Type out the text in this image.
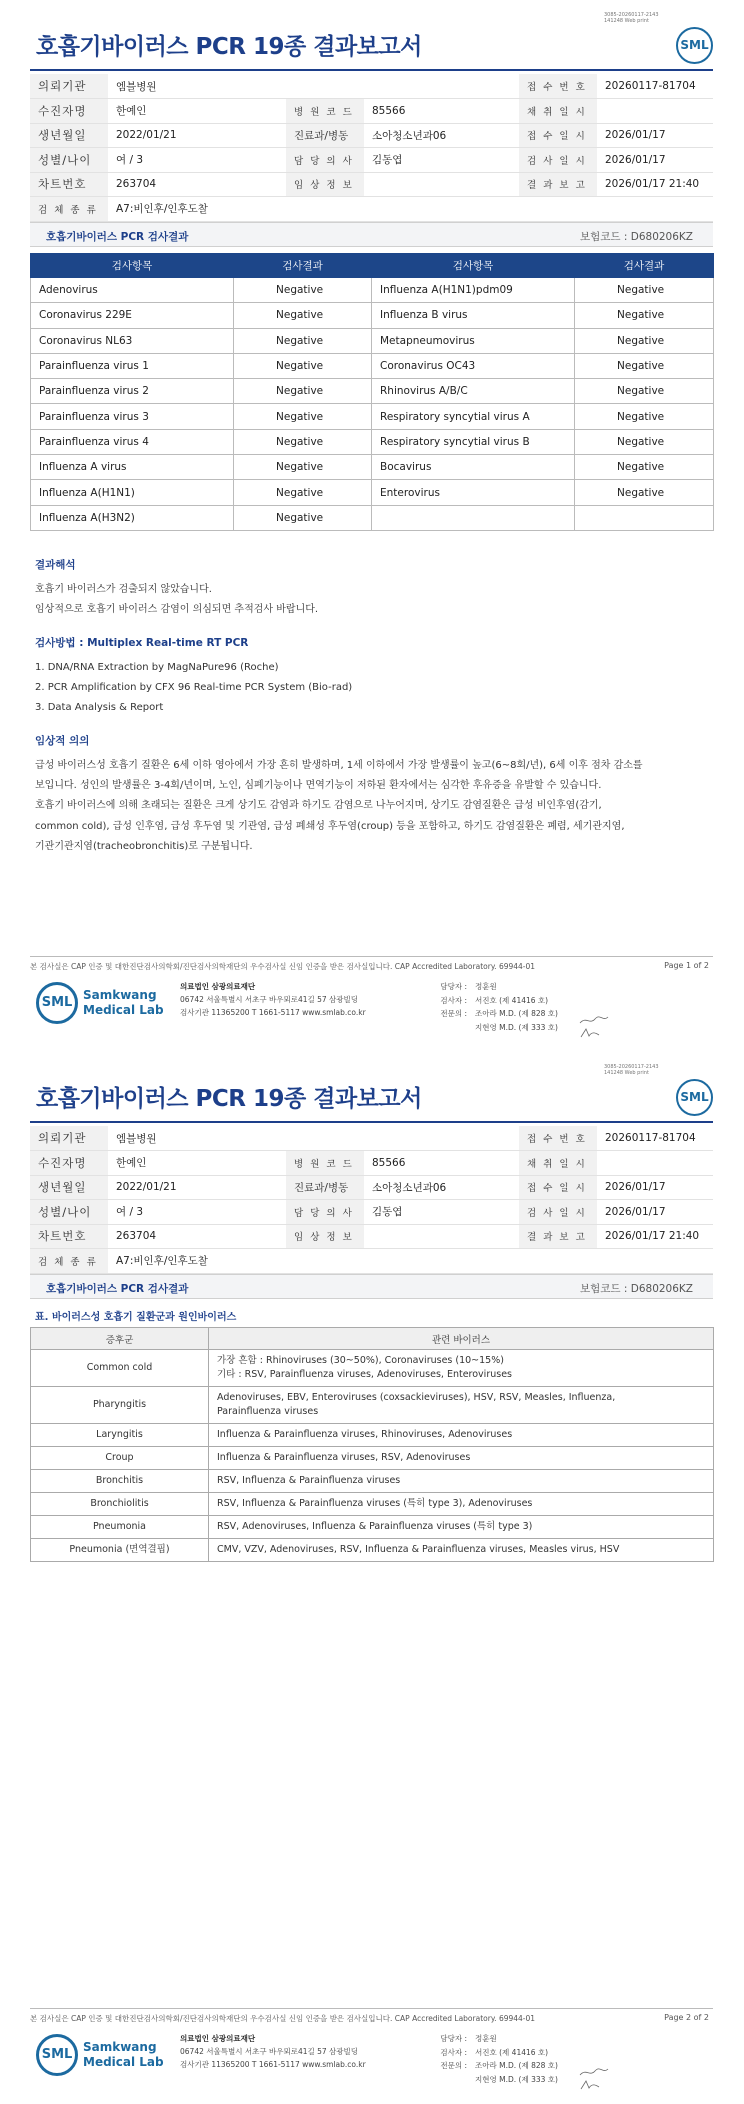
3085-20260117-2143
141248 Web print
호흡기바이러스 PCR 19종 결과보고서	SML
의뢰기관	엠블병원			접 수 번 호	20260117-81704
수진자명	한예인	병 원 코 드	85566	채 취 일 시	
생년월일	2022/01/21	진료과/병동	소아청소년과06	접 수 일 시	2026/01/17
성별/나이	여 / 3	담 당 의 사	김동엽	검 사 일 시	2026/01/17
차트번호	263704	임 상 정 보		결 과 보 고	2026/01/17 21:40
검 체 종 류	A7:비인후/인후도찰				
호흡기바이러스 PCR 검사결과	보험코드 : D680206KZ
검사항목	검사결과	검사항목	검사결과
Adenovirus	Negative	Influenza A(H1N1)pdm09	Negative
Coronavirus 229E	Negative	Influenza B virus	Negative
Coronavirus NL63	Negative	Metapneumovirus	Negative
Parainfluenza virus 1	Negative	Coronavirus OC43	Negative
Parainfluenza virus 2	Negative	Rhinovirus A/B/C	Negative
Parainfluenza virus 3	Negative	Respiratory syncytial virus A	Negative
Parainfluenza virus 4	Negative	Respiratory syncytial virus B	Negative
Influenza A virus	Negative	Bocavirus	Negative
Influenza A(H1N1)	Negative	Enterovirus	Negative
Influenza A(H3N2)	Negative		
결과해석
호흡기 바이러스가 검출되지 않았습니다.
임상적으로 호흡기 바이러스 감염이 의심되면 추적검사 바랍니다.
검사방법 : Multiplex Real-time RT PCR
1. DNA/RNA Extraction by MagNaPure96 (Roche)
2. PCR Amplification by CFX 96 Real-time PCR System (Bio-rad)
3. Data Analysis & Report
임상적 의의
급성 바이러스성 호흡기 질환은 6세 이하 영아에서 가장 흔히 발생하며, 1세 이하에서 가장 발생률이 높고(6~8회/년), 6세 이후 점차 감소를
보입니다. 성인의 발생률은 3-4회/년이며, 노인, 심폐기능이나 면역기능이 저하된 환자에서는 심각한 후유증을 유발할 수 있습니다.
호흡기 바이러스에 의해 초래되는 질환은 크게 상기도 감염과 하기도 감염으로 나누어지며, 상기도 감염질환은 급성 비인후염(감기,
common cold), 급성 인후염, 급성 후두염 및 기관염, 급성 폐쇄성 후두염(croup) 등을 포함하고, 하기도 감염질환은 폐렴, 세기관지염,
기관기관지염(tracheobronchitis)로 구분됩니다.
본 검사실은 CAP 인증 및 대한진단검사의학회/진단검사의학재단의 우수검사실 신임 인증을 받은 검사실입니다. CAP Accredited Laboratory. 69944-01	Page 1 of 2
SML Samkwang
Medical Lab
의료법인 삼광의료재단
06742 서울특별시 서초구 바우뫼로41길 57 삼광빌딩
검사기관 11365200 T 1661-5117 www.smlab.co.kr
담당자 : 정훈원
검사자 : 서진호 (제 41416 호)
전문의 : 조아라 M.D. (제 828 호)
지현영 M.D. (제 333 호)
3085-20260117-2143
141248 Web print
호흡기바이러스 PCR 19종 결과보고서	SML
의뢰기관	엠블병원			접 수 번 호	20260117-81704
수진자명	한예인	병 원 코 드	85566	채 취 일 시	
생년월일	2022/01/21	진료과/병동	소아청소년과06	접 수 일 시	2026/01/17
성별/나이	여 / 3	담 당 의 사	김동엽	검 사 일 시	2026/01/17
차트번호	263704	임 상 정 보		결 과 보 고	2026/01/17 21:40
검 체 종 류	A7:비인후/인후도찰				
호흡기바이러스 PCR 검사결과	보험코드 : D680206KZ
표. 바이러스성 호흡기 질환군과 원인바이러스
증후군	관련 바이러스
Common cold	가장 흔함 : Rhinoviruses (30~50%), Coronaviruses (10~15%)
기타 : RSV, Parainfluenza viruses, Adenoviruses, Enteroviruses

Pharyngitis	Adenoviruses, EBV, Enteroviruses (coxsackieviruses), HSV, RSV, Measles, Influenza,
Parainfluenza viruses

Laryngitis	Influenza & Parainfluenza viruses, Rhinoviruses, Adenoviruses

Croup	Influenza & Parainfluenza viruses, RSV, Adenoviruses

Bronchitis	RSV, Influenza & Parainfluenza viruses

Bronchiolitis	RSV, Influenza & Parainfluenza viruses (특히 type 3), Adenoviruses

Pneumonia	RSV, Adenoviruses, Influenza & Parainfluenza viruses (특히 type 3)

Pneumonia (면역결핍)	CMV, VZV, Adenoviruses, RSV, Influenza & Parainfluenza viruses, Measles virus, HSV
본 검사실은 CAP 인증 및 대한진단검사의학회/진단검사의학재단의 우수검사실 신임 인증을 받은 검사실입니다. CAP Accredited Laboratory. 69944-01	Page 2 of 2
SML Samkwang
Medical Lab
의료법인 삼광의료재단
06742 서울특별시 서초구 바우뫼로41길 57 삼광빌딩
검사기관 11365200 T 1661-5117 www.smlab.co.kr
담당자 : 정훈원
검사자 : 서진호 (제 41416 호)
전문의 : 조아라 M.D. (제 828 호)
지현영 M.D. (제 333 호)
